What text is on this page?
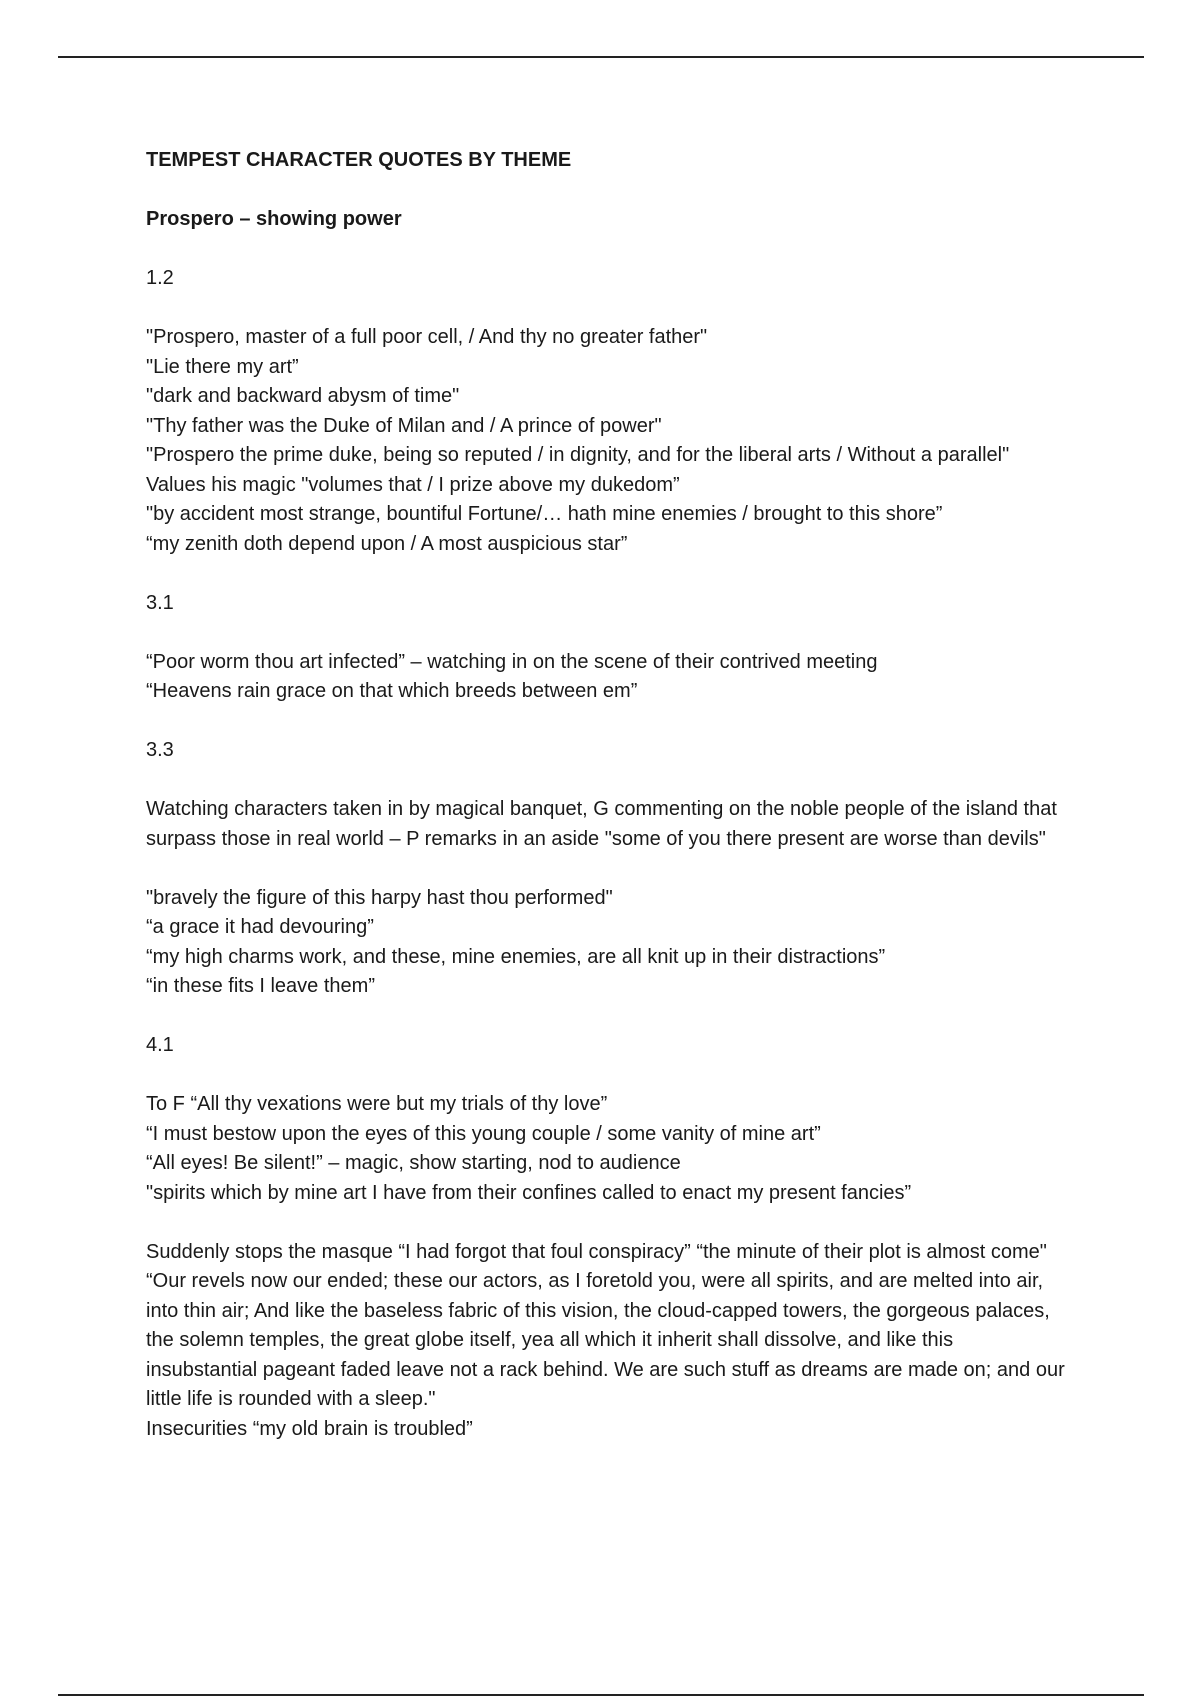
TEMPEST CHARACTER QUOTES BY THEME

Prospero – showing power

1.2

"Prospero, master of a full poor cell, / And thy no greater father"

"Lie there my art”

"dark and backward abysm of time"

"Thy father was the Duke of Milan and / A prince of power"

"Prospero the prime duke, being so reputed / in dignity, and for the liberal arts / Without a parallel"

Values his magic "volumes that / I prize above my dukedom”

"by accident most strange, bountiful Fortune/… hath mine enemies / brought to this shore”

“my zenith doth depend upon / A most auspicious star”

3.1

“Poor worm thou art infected” – watching in on the scene of their contrived meeting

“Heavens rain grace on that which breeds between em”

3.3

Watching characters taken in by magical banquet, G commenting on the noble people of the island that surpass those in real world – P remarks in an aside "some of you there present are worse than devils"

"bravely the figure of this harpy hast thou performed"

“a grace it had devouring”

“my high charms work, and these, mine enemies, are all knit up in their distractions”

“in these fits I leave them”

4.1

To F “All thy vexations were but my trials of thy love”

“I must bestow upon the eyes of this young couple / some vanity of mine art”

“All eyes! Be silent!” – magic, show starting, nod to audience

"spirits which by mine art I have from their confines called to enact my present fancies”

Suddenly stops the masque “I had forgot that foul conspiracy” “the minute of their plot is almost come"

“Our revels now our ended; these our actors, as I foretold you, were all spirits, and are melted into air, into thin air; And like the baseless fabric of this vision, the cloud-capped towers, the gorgeous palaces, the solemn temples, the great globe itself, yea all which it inherit shall dissolve, and like this insubstantial pageant faded leave not a rack behind. We are such stuff as dreams are made on; and our little life is rounded with a sleep."

Insecurities “my old brain is troubled”
